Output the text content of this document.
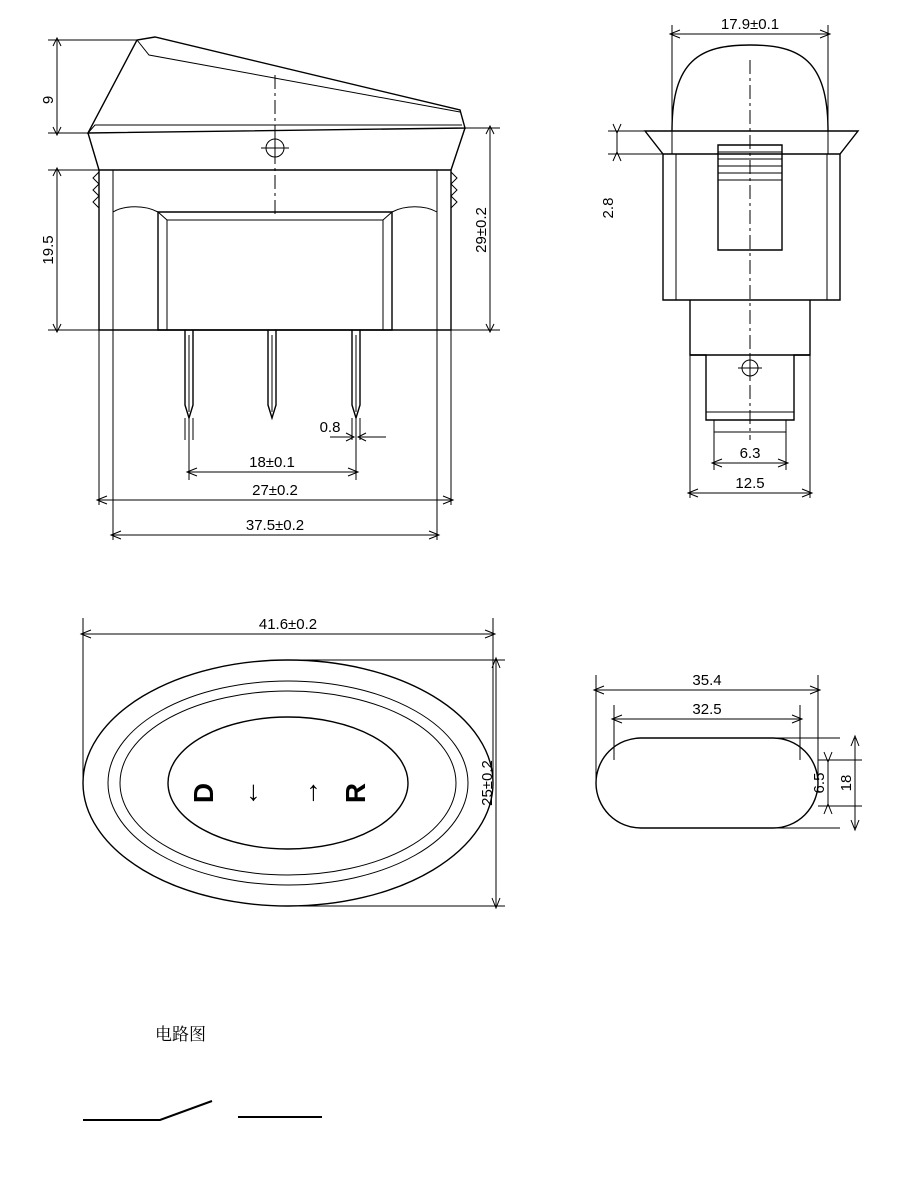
9
19.5	29±0.2
0.8
18±0.1
27±0.2
37.5±0.2
17.9±0.1
2.8
6.3
12.5
D ← → R
41.6±0.2
25±0.2
35.4
32.5
6.5 18
电路图
